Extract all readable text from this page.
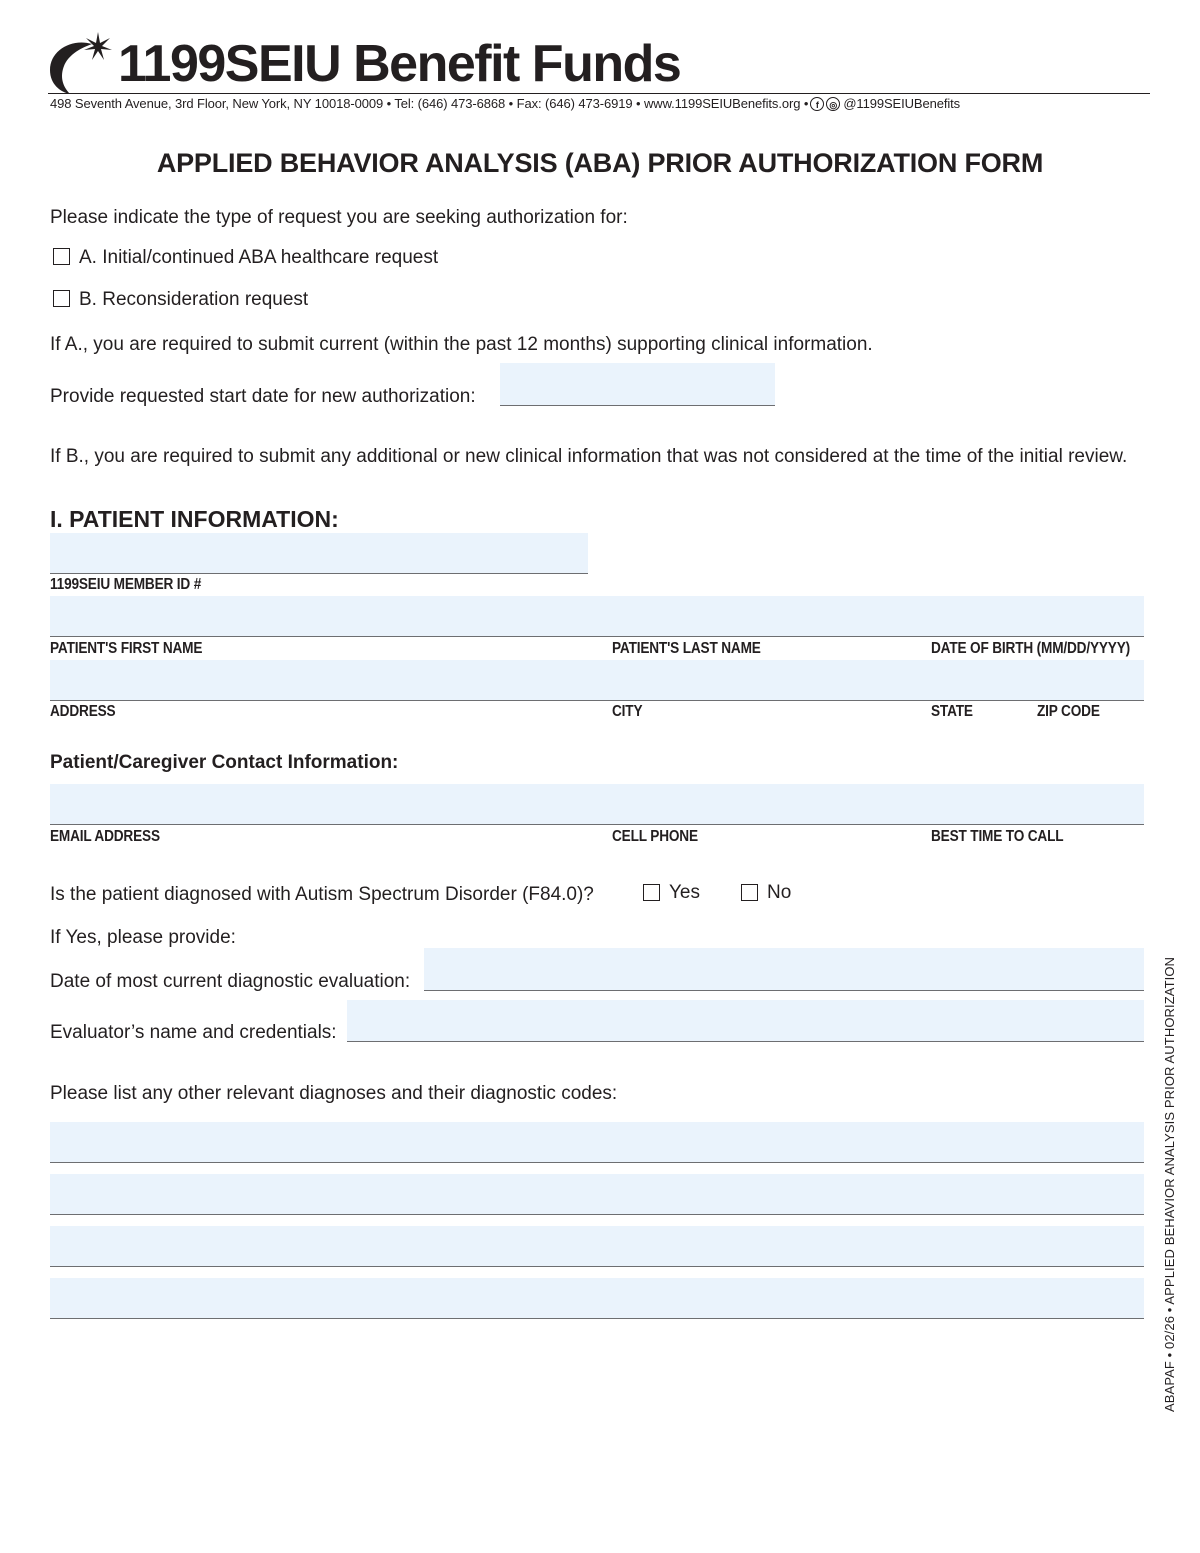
1199SEIU Benefit Funds
498 Seventh Avenue, 3rd Floor, New York, NY 10018-0009 • Tel: (646) 473-6868 • Fax: (646) 473-6919 • www.1199SEIUBenefits.org • f	◎ @1199SEIUBenefits
APPLIED BEHAVIOR ANALYSIS (ABA) PRIOR AUTHORIZATION FORM
Please indicate the type of request you are seeking authorization for:
A. Initial/continued ABA healthcare request
B. Reconsideration request
If A., you are required to submit current (within the past 12 months) supporting clinical information.
Provide requested start date for new authorization:
If B., you are required to submit any additional or new clinical information that was not considered at the time of the initial review.
I. PATIENT INFORMATION:
1199SEIU MEMBER ID #
PATIENT'S FIRST NAME	PATIENT'S LAST NAME	DATE OF BIRTH (MM/DD/YYYY)
ADDRESS	CITY	STATE	ZIP CODE
Patient/Caregiver Contact Information:
EMAIL ADDRESS	CELL PHONE	BEST TIME TO CALL
Is the patient diagnosed with Autism Spectrum Disorder (F84.0)?	Yes	No
If Yes, please provide:
Date of most current diagnostic evaluation:
Evaluator’s name and credentials:
Please list any other relevant diagnoses and their diagnostic codes:	ABAPAF • 02/26 • APPLIED BEHAVIOR ANALYSIS PRIOR AUTHORIZATION
